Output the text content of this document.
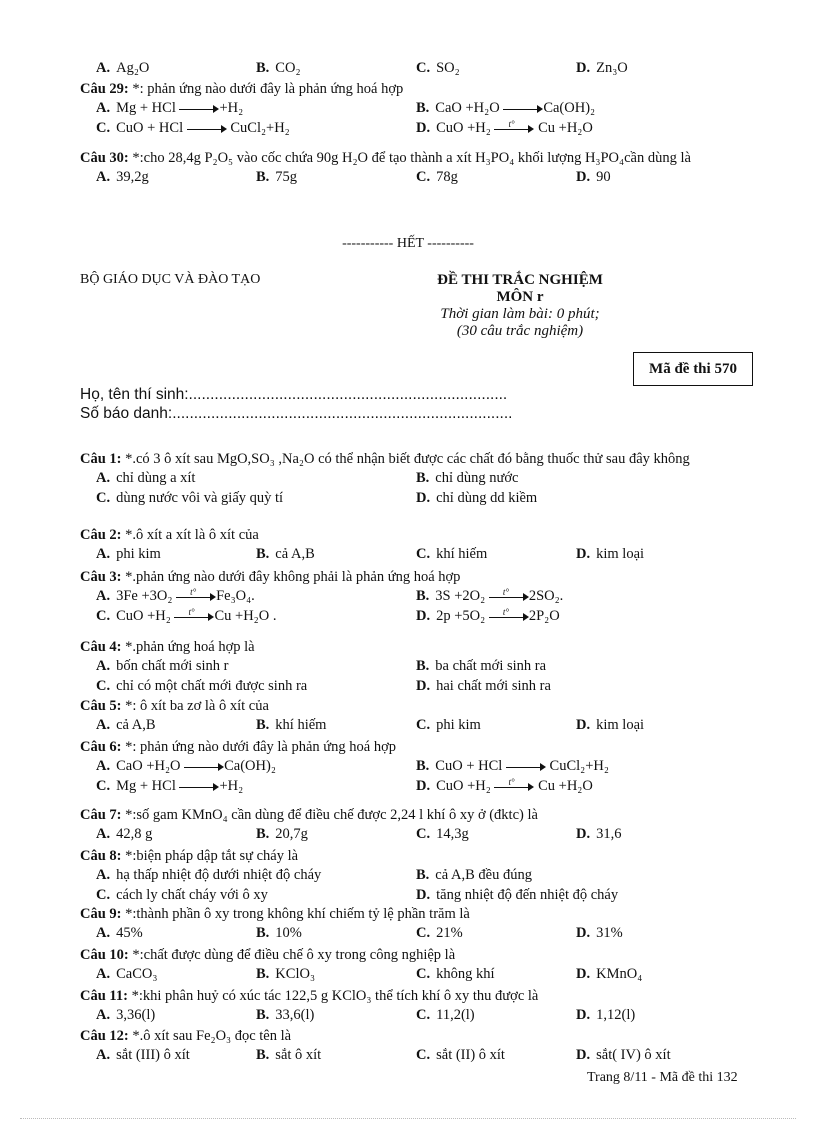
A. Ag₂O	B. CO₂	C. SO₂	D. Zn₃O
Câu 29: *: phản ứng nào dưới đây là phản ứng hoá hợp
A. Mg + HCl	+H₂	B. CaO +H₂O	Ca(OH)₂
C. CuO + HCl	CuCl₂+H₂	D. CuO +H₂ t° Cu +H₂O
Câu 30: *:cho 28,4g P₂O₅ vào cốc chứa 90g H₂O để tạo thành a xít H₃PO₄ khối lượng H₃PO₄cần dùng là
A. 39,2g	B. 75g	C. 78g	D. 90
----------- HẾT ----------
BỘ GIÁO DỤC VÀ ĐÀO TẠO	ĐỀ THI TRẮC NGHIỆM
MÔN r
Thời gian làm bài: 0 phút;
(30 câu trắc nghiệm)
Mã đề thi 570
Họ, tên thí sinh:..........................................................................
Số báo danh:...............................................................................
Câu 1: *.có 3 ô xít sau MgO,SO₃ ,Na₂O có thể nhận biết được các chất đó bằng thuốc thử sau đây không
A. chỉ dùng a xít	B. chỉ dùng nước
C. dùng nước vôi và giấy quỳ tí	D. chỉ dùng dd kiềm
Câu 2: *.ô xít a xít là ô xít của
A. phi kim	B. cả A,B	C. khí hiếm	D. kim loại
Câu 3: *.phản ứng nào dưới đây không phải là phản ứng hoá hợp
A. 3Fe +3O₂ t° Fe₃O₄.	B. 3S +2O₂ t° 2SO₂.
C. CuO +H₂ t° Cu +H₂O .	D. 2p +5O₂ t° 2P₂O
Câu 4: *.phản ứng hoá hợp là
A. bốn chất mới sinh r	B. ba chất mới sinh ra
C. chỉ có một chất mới được sinh ra	D. hai chất mới sinh ra
Câu 5: *: ô xít ba zơ là ô xít của
A. cả A,B	B. khí hiếm	C. phi kim	D. kim loại
Câu 6: *: phản ứng nào dưới đây là phản ứng hoá hợp
A. CaO +H₂O	Ca(OH)₂	B. CuO + HCl	CuCl₂+H₂
C. Mg + HCl	+H₂	D. CuO +H₂ t° Cu +H₂O
Câu 7: *:số gam KMnO₄ cần dùng để điều chế được 2,24 l khí ô xy ở (đktc) là
A. 42,8 g	B. 20,7g	C. 14,3g	D. 31,6
Câu 8: *:biện pháp dập tắt sự cháy là
A. hạ thấp nhiệt độ dưới nhiệt độ cháy	B. cả A,B đều đúng
C. cách ly chất cháy với ô xy	D. tăng nhiệt độ đến nhiệt độ cháy
Câu 9: *:thành phần ô xy trong không khí chiếm tỷ lệ phần trăm là
A. 45%	B. 10%	C. 21%	D. 31%
Câu 10: *:chất được dùng để điều chế ô xy trong công nghiệp là
A. CaCO₃	B. KClO₃	C. không khí	D. KMnO₄
Câu 11: *:khi phân huỷ có xúc tác 122,5 g KClO₃ thể tích khí ô xy thu được là
A. 3,36(l)	B. 33,6(l)	C. 11,2(l)	D. 1,12(l)
Câu 12: *.ô xít sau Fe₂O₃ đọc tên là
A. sắt (III) ô xít	B. sắt ô xít	C. sắt (II) ô xít	D. sắt( IV) ô xít
Trang 8/11 - Mã đề thi 132
